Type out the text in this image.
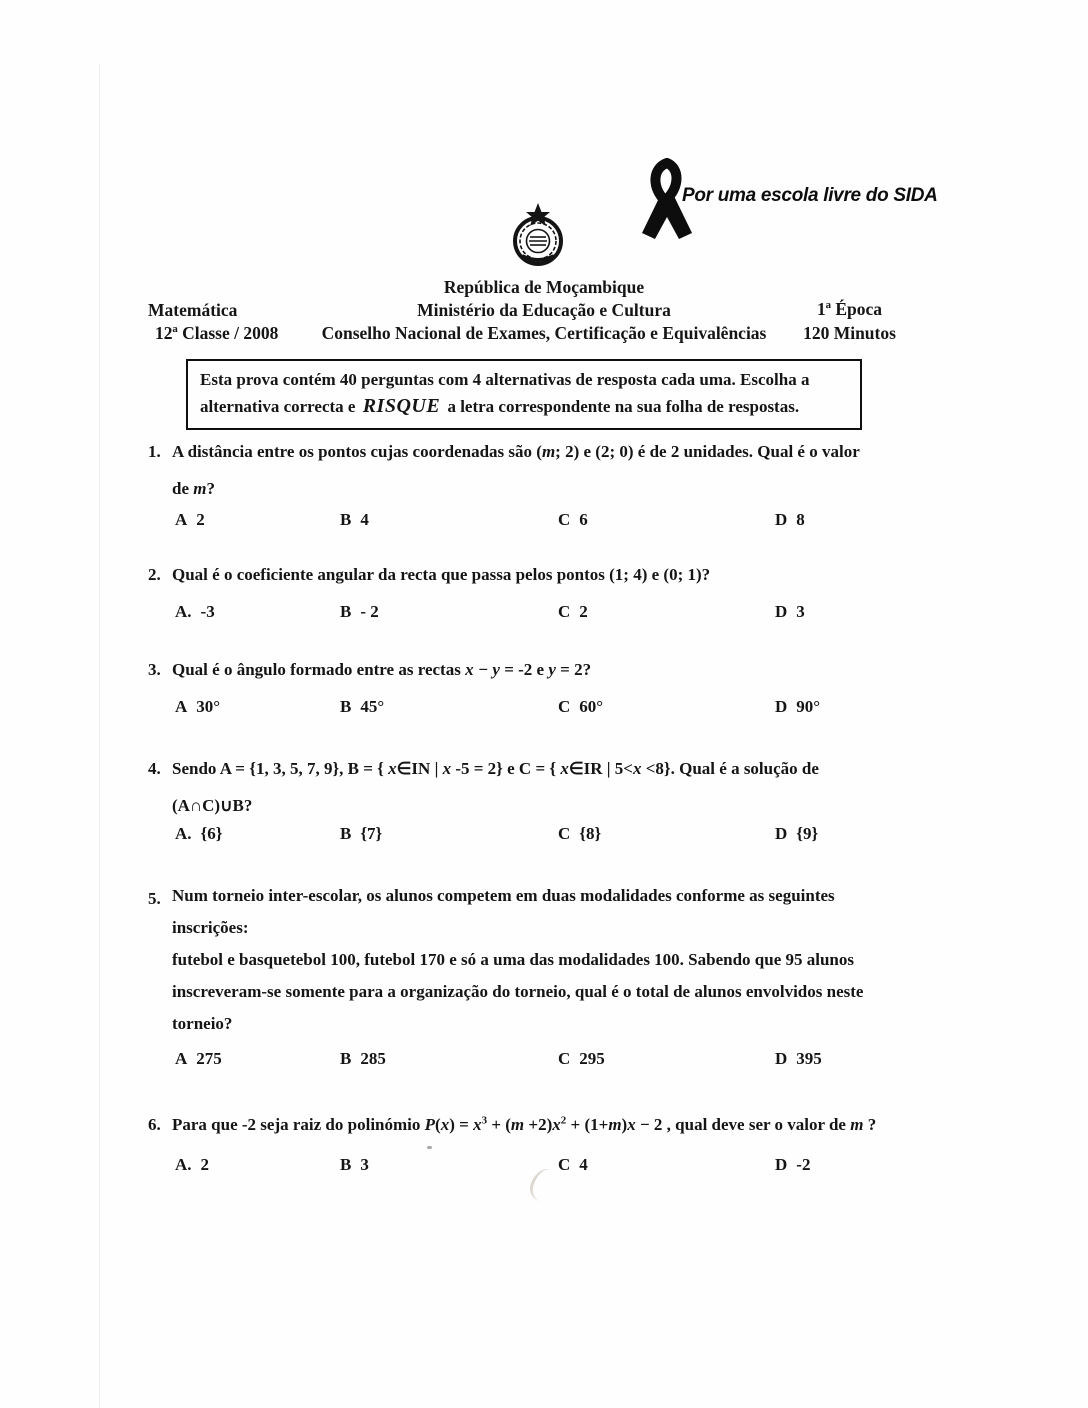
Por uma escola livre do SIDA
República de Moçambique
Ministério da Educação e Cultura
Conselho Nacional de Exames, Certificação e Equivalências
Matemática
12ª Classe / 2008
1ª Época
120 Minutos
Esta prova contém 40 perguntas com 4 alternativas de resposta cada uma. Escolha a
alternativa correcta e RISQUE a letra correspondente na sua folha de respostas.
1. A distância entre os pontos cujas coordenadas são (m; 2) e (2; 0) é de 2 unidades. Qual é o valor
de m?
A 2	B 4	C 6	D 8
2. Qual é o coeficiente angular da recta que passa pelos pontos (1; 4) e (0; 1)?
A. -3	B - 2	C 2	D 3
3. Qual é o ângulo formado entre as rectas x − y = -2 e y = 2?
A 30°	B 45°	C 60°	D 90°
4. Sendo A = {1, 3, 5, 7, 9}, B = { x∈IN | x -5 = 2} e C = { x∈IR | 5<x <8}. Qual é a solução de
(A∩C)∪B?
A. {6}	B {7}	C {8}	D {9}
5. Num torneio inter-escolar, os alunos competem em duas modalidades conforme as seguintes
inscrições:
futebol e basquetebol 100, futebol 170 e só a uma das modalidades 100. Sabendo que 95 alunos
inscreveram-se somente para a organização do torneio, qual é o total de alunos envolvidos neste
torneio?
A 275	B 285	C 295	D 395
6. Para que -2 seja raiz do polinómio $P(x) = x^3 + (m +2)x^2 + (1+m)x - 2$ , qual deve ser o valor de m ?
A. 2	B 3	C 4	D -2
